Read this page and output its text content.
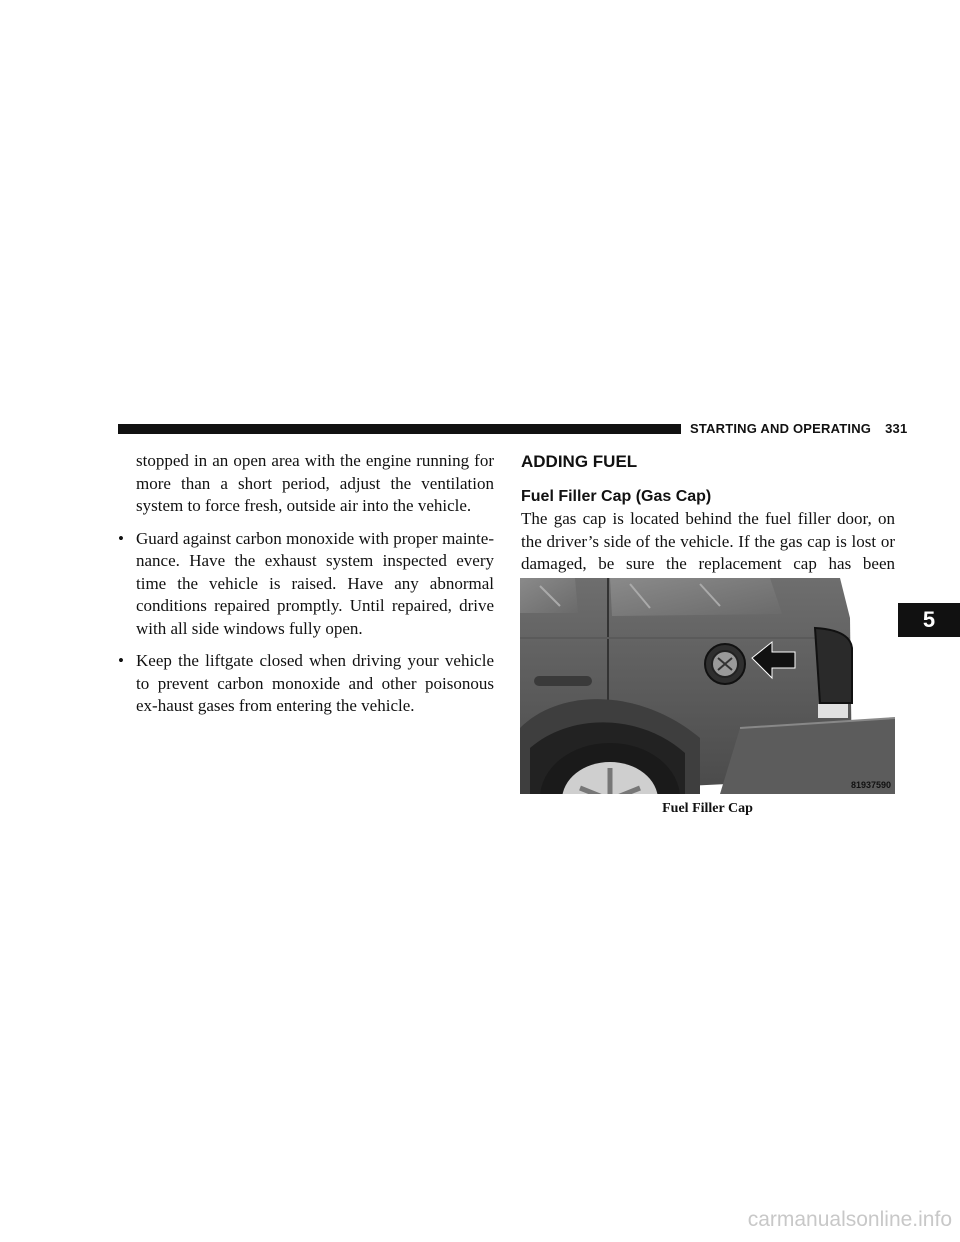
STARTING AND OPERATING 331

stopped in an open area with the engine running for more than a short period, adjust the ventilation system to force fresh, outside air into the vehicle.

• Guard against carbon monoxide with proper mainte-nance. Have the exhaust system inspected every time the vehicle is raised. Have any abnormal conditions repaired promptly. Until repaired, drive with all side windows fully open.

• Keep the liftgate closed when driving your vehicle to prevent carbon monoxide and other poisonous ex-haust gases from entering the vehicle.

ADDING FUEL
Fuel Filler Cap (Gas Cap)

The gas cap is located behind the fuel filler door, on the driver’s side of the vehicle. If the gas cap is lost or damaged, be sure the replacement cap has been

81937590
Fuel Filler Cap
5
carmanualsonline.info
